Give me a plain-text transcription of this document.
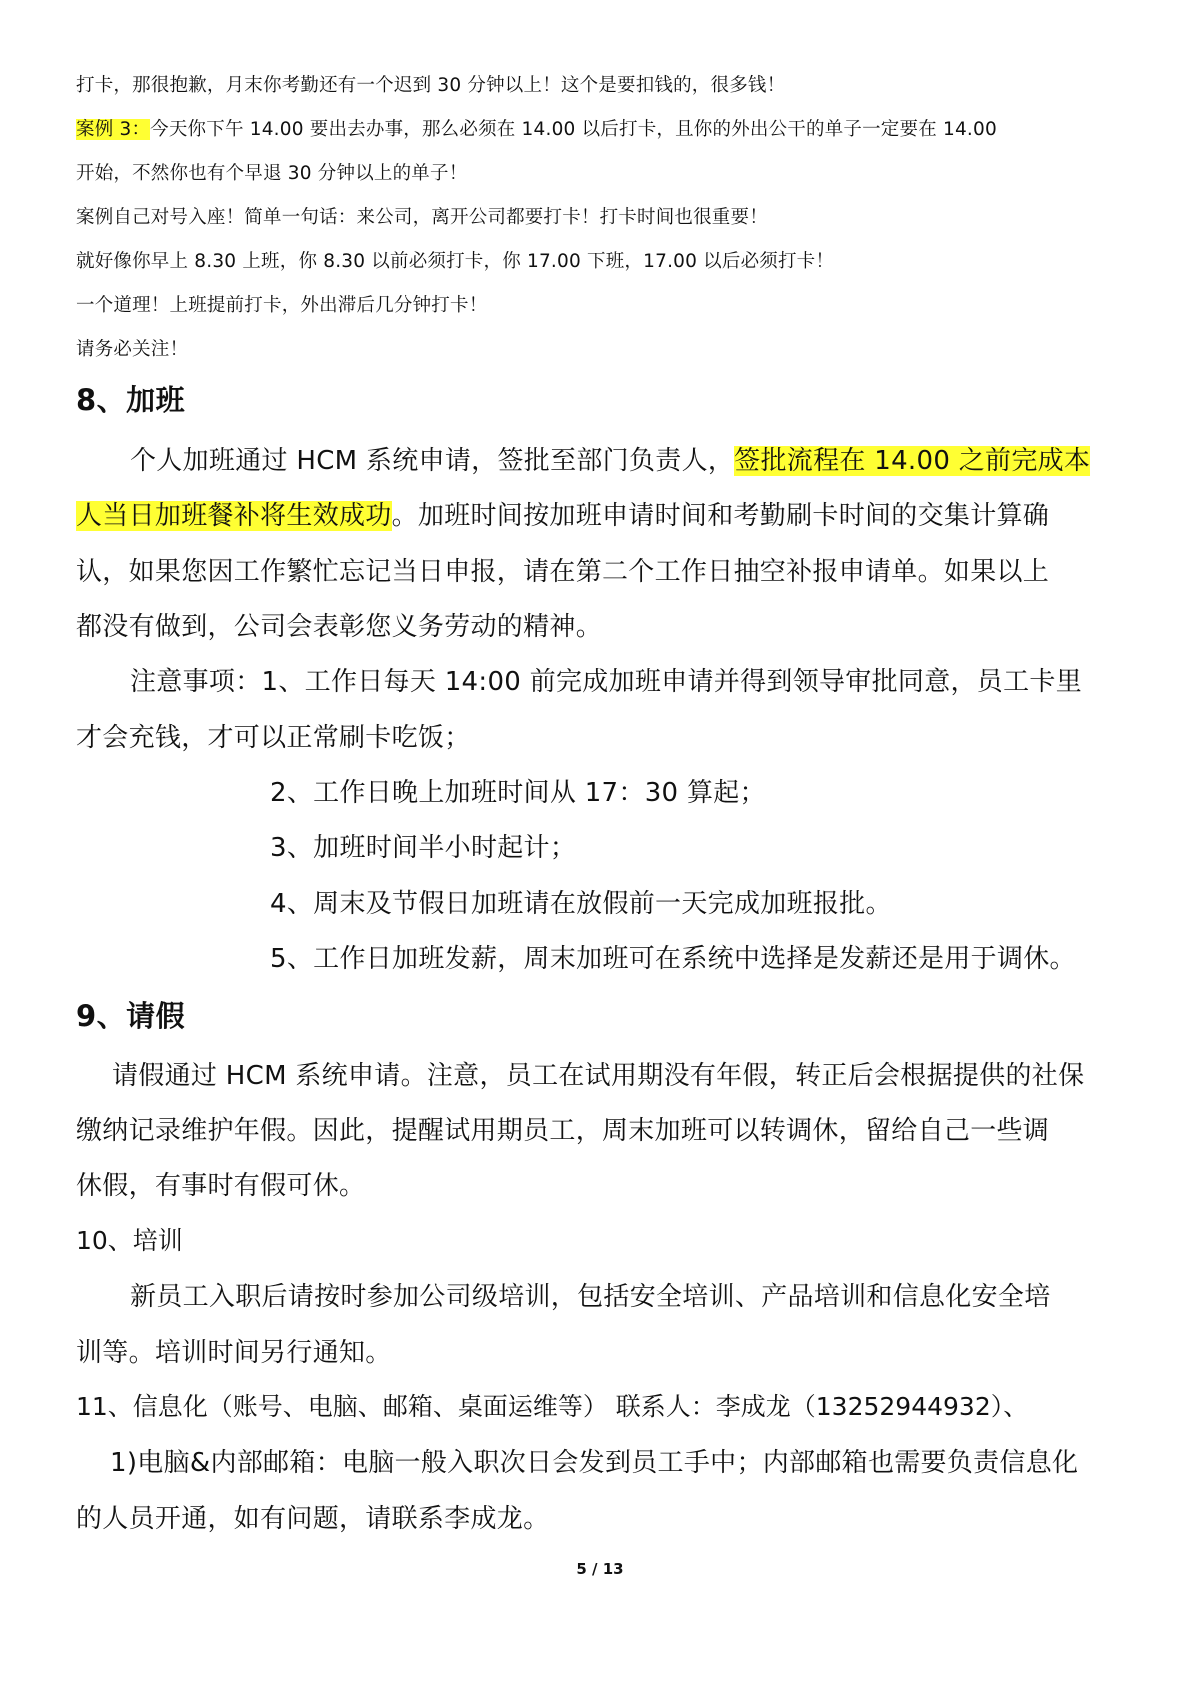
打卡，那很抱歉，月末你考勤还有一个迟到 30 分钟以上！这个是要扣钱的，很多钱！
案例 3：今天你下午 14.00 要出去办事，那么必须在 14.00 以后打卡，且你的外出公干的单子一定要在 14.00
开始，不然你也有个早退 30 分钟以上的单子！
案例自己对号入座！简单一句话：来公司，离开公司都要打卡！打卡时间也很重要！
就好像你早上 8.30 上班，你 8.30 以前必须打卡，你 17.00 下班，17.00 以后必须打卡！
一个道理！上班提前打卡，外出滞后几分钟打卡！
请务必关注！
8、加班
个人加班通过 HCM 系统申请，签批至部门负责人，签批流程在 14.00 之前完成本
人当日加班餐补将生效成功。加班时间按加班申请时间和考勤刷卡时间的交集计算确
认，如果您因工作繁忙忘记当日申报，请在第二个工作日抽空补报申请单。如果以上
都没有做到，公司会表彰您义务劳动的精神。
注意事项：1、工作日每天 14:00 前完成加班申请并得到领导审批同意，员工卡里
才会充钱，才可以正常刷卡吃饭；
2、工作日晚上加班时间从 17：30 算起；
3、加班时间半小时起计；
4、周末及节假日加班请在放假前一天完成加班报批。
5、工作日加班发薪，周末加班可在系统中选择是发薪还是用于调休。
9、请假
请假通过 HCM 系统申请。注意，员工在试用期没有年假，转正后会根据提供的社保
缴纳记录维护年假。因此，提醒试用期员工，周末加班可以转调休，留给自己一些调
休假，有事时有假可休。
10、培训
新员工入职后请按时参加公司级培训，包括安全培训、产品培训和信息化安全培
训等。培训时间另行通知。
11、信息化（账号、电脑、邮箱、桌面运维等） 联系人：李成龙（13252944932）、
1)电脑&内部邮箱：电脑一般入职次日会发到员工手中；内部邮箱也需要负责信息化
的人员开通，如有问题，请联系李成龙。
5 / 13
